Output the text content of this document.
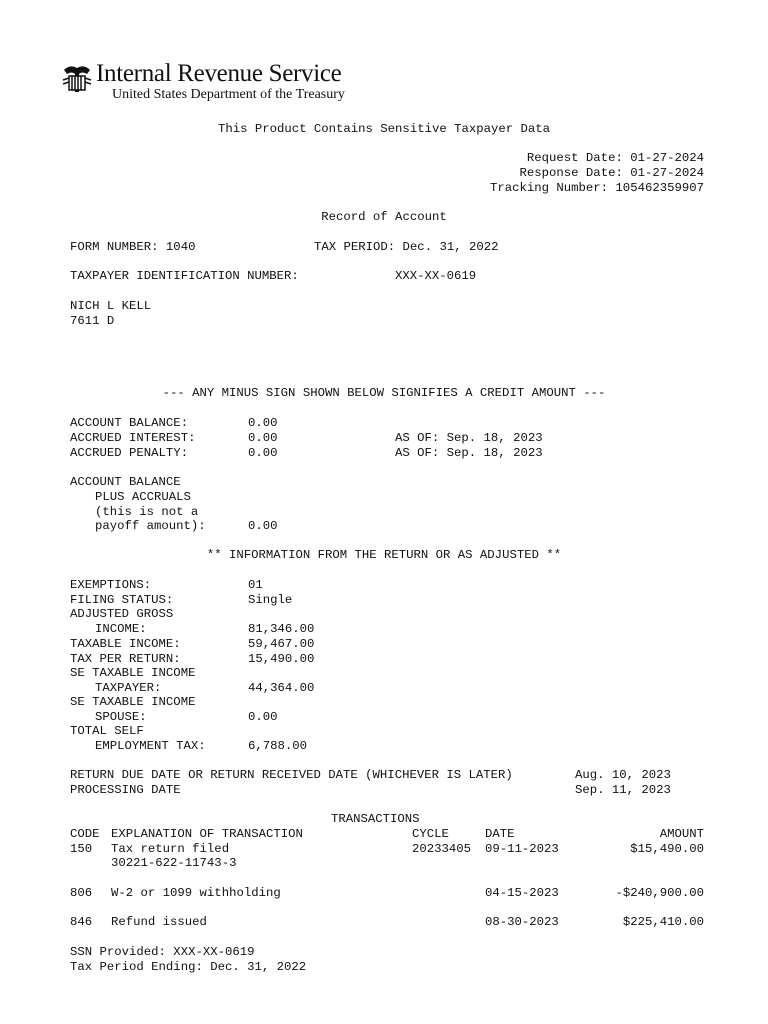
Internal Revenue Service
United States Department of the Treasury
This Product Contains Sensitive Taxpayer Data
Request Date: 01-27-2024
Response Date: 01-27-2024
Tracking Number: 105462359907
Record of Account
FORM NUMBER: 1040	TAX PERIOD: Dec. 31, 2022
TAXPAYER IDENTIFICATION NUMBER:	XXX-XX-0619
NICH L KELL
7611 D
--- ANY MINUS SIGN SHOWN BELOW SIGNIFIES A CREDIT AMOUNT ---
ACCOUNT BALANCE:	0.00
ACCRUED INTEREST:	0.00	AS OF: Sep. 18, 2023
ACCRUED PENALTY:	0.00	AS OF: Sep. 18, 2023
ACCOUNT BALANCE
PLUS ACCRUALS
(this is not a
payoff amount):	0.00
** INFORMATION FROM THE RETURN OR AS ADJUSTED **
EXEMPTIONS:	01
FILING STATUS:	Single
ADJUSTED GROSS
INCOME:	81,346.00
TAXABLE INCOME:	59,467.00
TAX PER RETURN:	15,490.00
SE TAXABLE INCOME
TAXPAYER:	44,364.00
SE TAXABLE INCOME
SPOUSE:	0.00
TOTAL SELF
EMPLOYMENT TAX:	6,788.00
RETURN DUE DATE OR RETURN RECEIVED DATE (WHICHEVER IS LATER)	Aug. 10, 2023
PROCESSING DATE	Sep. 11, 2023
TRANSACTIONS
CODE EXPLANATION OF TRANSACTION	CYCLE	DATE	AMOUNT
150 Tax return filed	20233405 09-11-2023	$15,490.00
30221-622-11743-3
806 W-2 or 1099 withholding	04-15-2023	-$240,900.00
846 Refund issued	08-30-2023	$225,410.00
SSN Provided: XXX-XX-0619
Tax Period Ending: Dec. 31, 2022
